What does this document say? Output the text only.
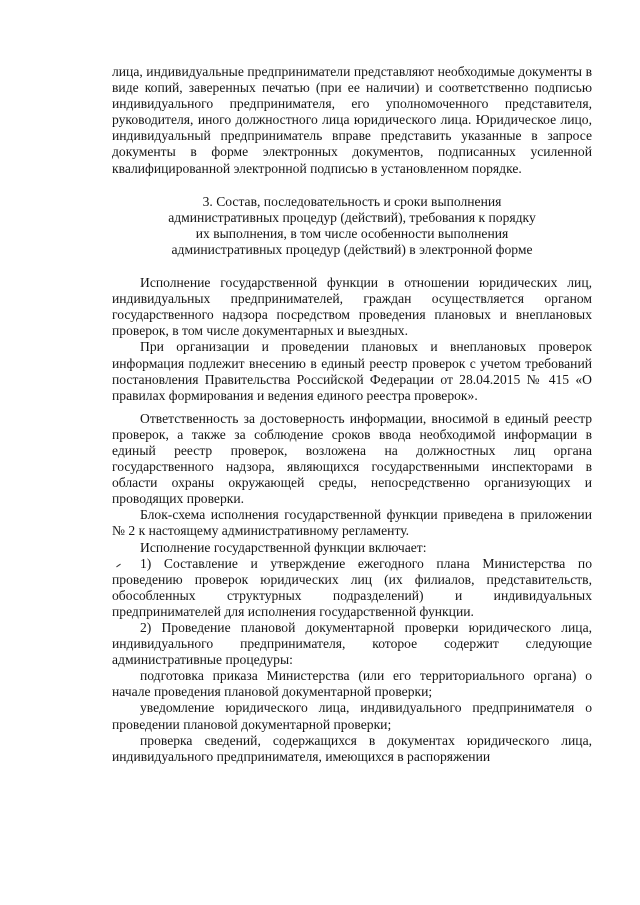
лица, индивидуальные предприниматели представляют необходимые документы в виде копий, заверенных печатью (при ее наличии) и соответственно подписью индивидуального предпринимателя, его уполномоченного представителя, руководителя, иного должностного лица юридического лица. Юридическое лицо, индивидуальный предприниматель вправе представить указанные в запросе документы в форме электронных документов, подписанных усиленной квалифицированной электронной подписью в установленном порядке.

3. Состав, последовательность и сроки выполнения

административных процедур (действий), требования к порядку

их выполнения, в том числе особенности выполнения

административных процедур (действий) в электронной форме

Исполнение государственной функции в отношении юридических лиц, индивидуальных предпринимателей, граждан осуществляется органом государственного надзора посредством проведения плановых и внеплановых проверок, в том числе документарных и выездных.

При организации и проведении плановых и внеплановых проверок информация подлежит внесению в единый реестр проверок с учетом требований постановления Правительства Российской Федерации от 28.04.2015 № 415 «О правилах формирования и ведения единого реестра проверок».

Ответственность за достоверность информации, вносимой в единый реестр проверок, а также за соблюдение сроков ввода необходимой информации в единый реестр проверок, возложена на должностных лиц органа государственного надзора, являющихся государственными инспекторами в области охраны окружающей среды, непосредственно организующих и проводящих проверки.

Блок-схема исполнения государственной функции приведена в приложении № 2 к настоящему административному регламенту.

Исполнение государственной функции включает:

1) Составление и утверждение ежегодного плана Министерства по проведению проверок юридических лиц (их филиалов, представительств, обособленных структурных подразделений) и индивидуальных предпринимателей для исполнения государственной функции.

2) Проведение плановой документарной проверки юридического лица, индивидуального предпринимателя, которое содержит следующие административные процедуры:

подготовка приказа Министерства (или его территориального органа) о начале проведения плановой документарной проверки;

уведомление юридического лица, индивидуального предпринимателя о проведении плановой документарной проверки;

проверка сведений, содержащихся в документах юридического лица, индивидуального предпринимателя, имеющихся в распоряжении
